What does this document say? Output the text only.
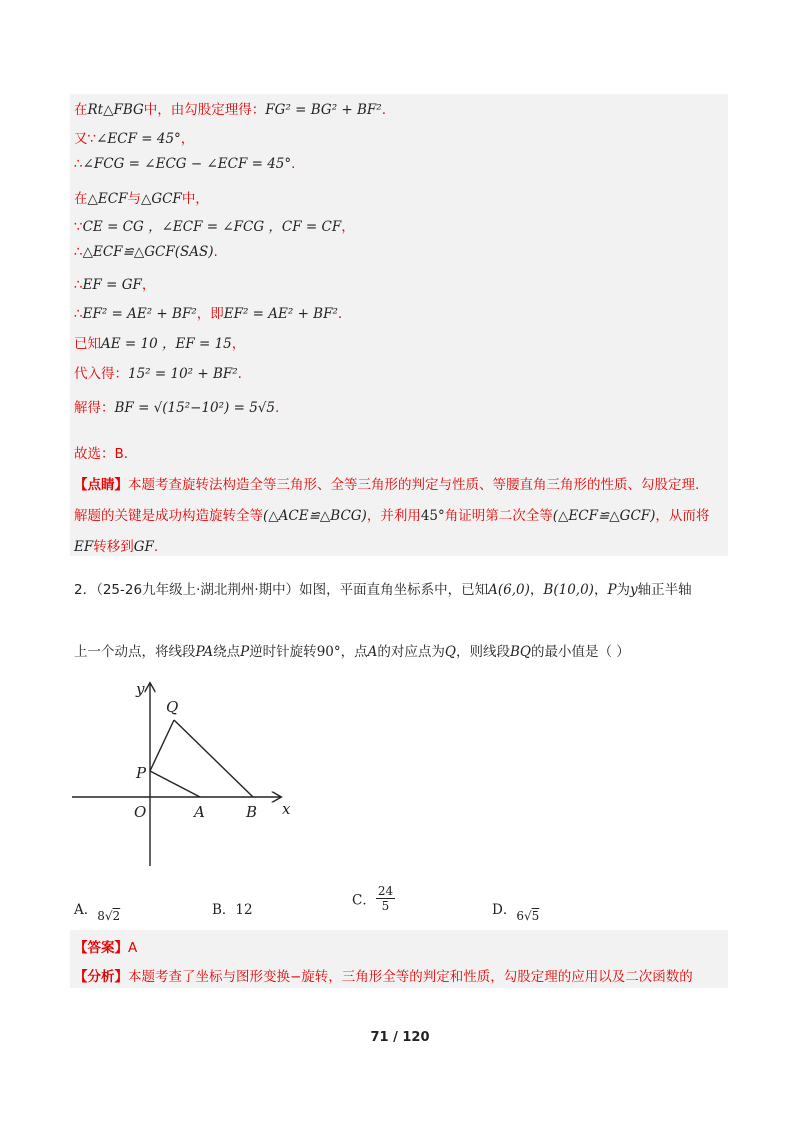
在Rt△FBG中，由勾股定理得：FG² = BG² + BF².
又∵∠ECF = 45°，
∴∠FCG = ∠ECG − ∠ECF = 45°.
在△ECF与△GCF中，
∵CE = CG ，∠ECF = ∠FCG ，CF = CF，
∴△ECF≌△GCF(SAS).
∴EF = GF，
∴EF² = AE² + BF²，即EF² = AE² + BF².
已知AE = 10 ，EF = 15，
代入得：15² = 10² + BF².
解得：BF = √(15²−10²) = 5√5.
故选：B.
【点睛】本题考查旋转法构造全等三角形、全等三角形的判定与性质、等腰直角三角形的性质、勾股定理.
解题的关键是成功构造旋转全等(△ACE≌△BCG)，并利用45°角证明第二次全等(△ECF≌△GCF)，从而将
EF转移到GF.
2．（25-26九年级上·湖北荆州·期中）如图，平面直角坐标系中，已知A(6,0)，B(10,0)，P为y轴正半轴
上一个动点，将线段PA绕点P逆时针旋转90°，点A的对应点为Q，则线段BQ的最小值是（ ）
y
x
O	A	B
P
Q
A．8√2	B．12
C． $\frac{24}{5}$	D．6√5
【答案】A
【分析】本题考查了坐标与图形变换−旋转，三角形全等的判定和性质，勾股定理的应用以及二次函数的
71 / 120
